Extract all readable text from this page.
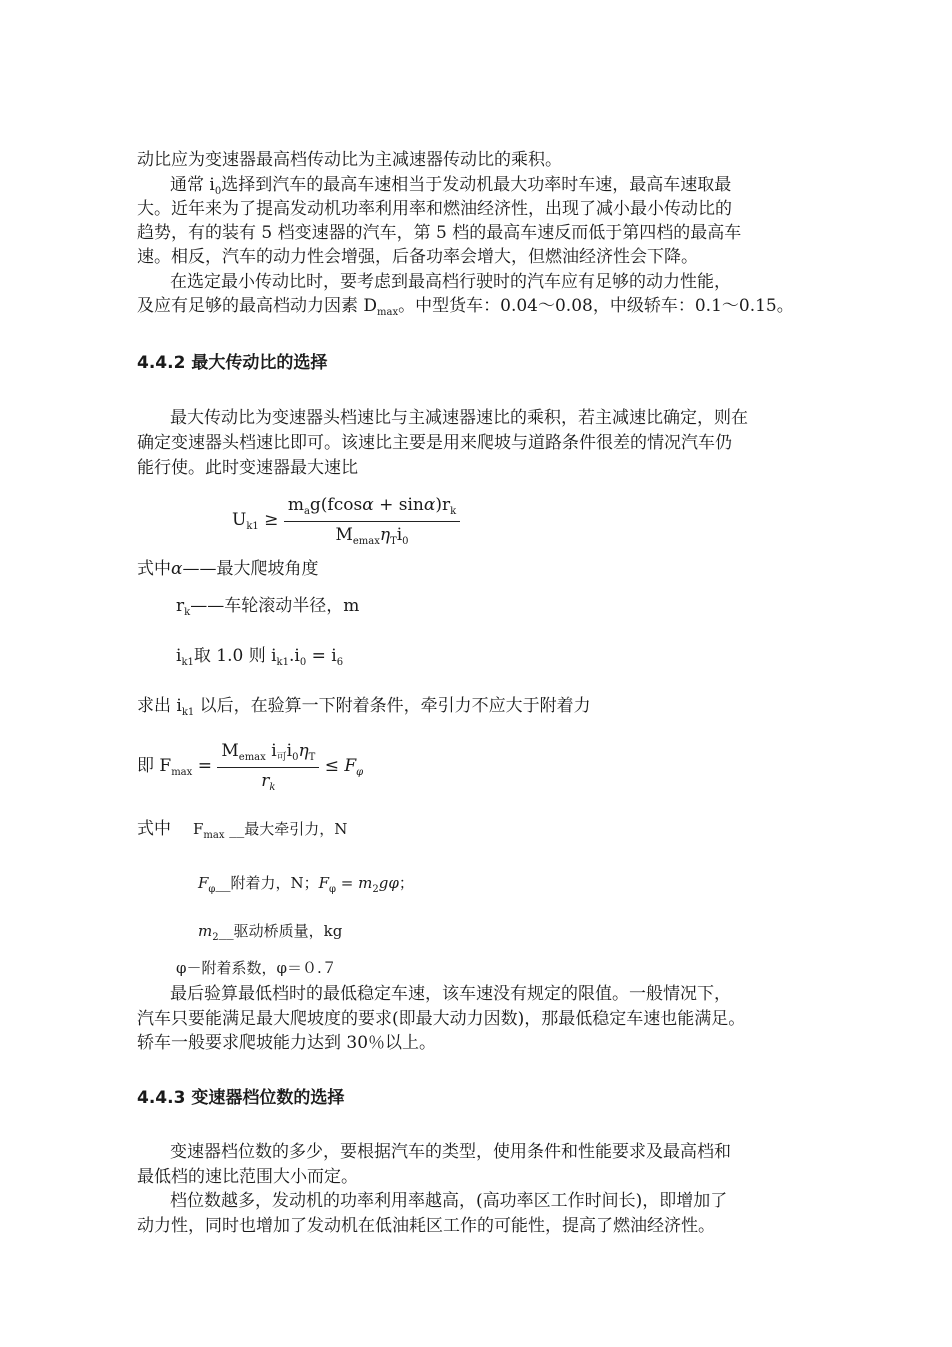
动比应为变速器最高档传动比为主减速器传动比的乘积。
通常 $i_0$选择到汽车的最高车速相当于发动机最大功率时车速，最高车速取最
大。近年来为了提高发动机功率利用率和燃油经济性，出现了减小最小传动比的
趋势，有的装有 5 档变速器的汽车，第 5 档的最高车速反而低于第四档的最高车
速。相反，汽车的动力性会增强，后备功率会增大，但燃油经济性会下降。
在选定最小传动比时，要考虑到最高档行驶时的汽车应有足够的动力性能，
及应有足够的最高档动力因素 $D_{max}$。中型货车：0.04～0.08，中级轿车：0.1～0.15。
4.4.2 最大传动比的选择
最大传动比为变速器头档速比与主减速器速比的乘积，若主减速比确定，则在
确定变速器头档速比即可。该速比主要是用来爬坡与道路条件很差的情况汽车仍
能行使。此时变速器最大速比
$U_{k1} \ge \frac{m_ag(fcos\alpha + \sin\alpha)r_k}{M_{emax}\eta_Ti_0}$
式中α——最大爬坡角度
$r_k——$车轮滚动半径，m
$i_{k1}$取 1.0 则 $i_{k1}.i_0 = i_6$
求出 $i_{k1}$ 以后，在验算一下附着条件，牵引力不应大于附着力
即 $F_{max} = \frac{M_{emax} i_可i_0\eta_T}{r_k} \le F_\varphi$
式中 $F_{max}$ __最大牵引力，N
$F_\varphi\_\_$附着力，N；$F_\varphi = m_2g\varphi$；
$m_2\_\_$驱动桥质量，kg
φ－附着系数，φ＝０.７
最后验算最低档时的最低稳定车速，该车速没有规定的限值。一般情况下，
汽车只要能满足最大爬坡度的要求(即最大动力因数)，那最低稳定车速也能满足。
轿车一般要求爬坡能力达到 30％以上。
4.4.3 变速器档位数的选择
变速器档位数的多少，要根据汽车的类型，使用条件和性能要求及最高档和
最低档的速比范围大小而定。
档位数越多，发动机的功率利用率越高，(高功率区工作时间长)，即增加了
动力性，同时也增加了发动机在低油耗区工作的可能性，提高了燃油经济性。
